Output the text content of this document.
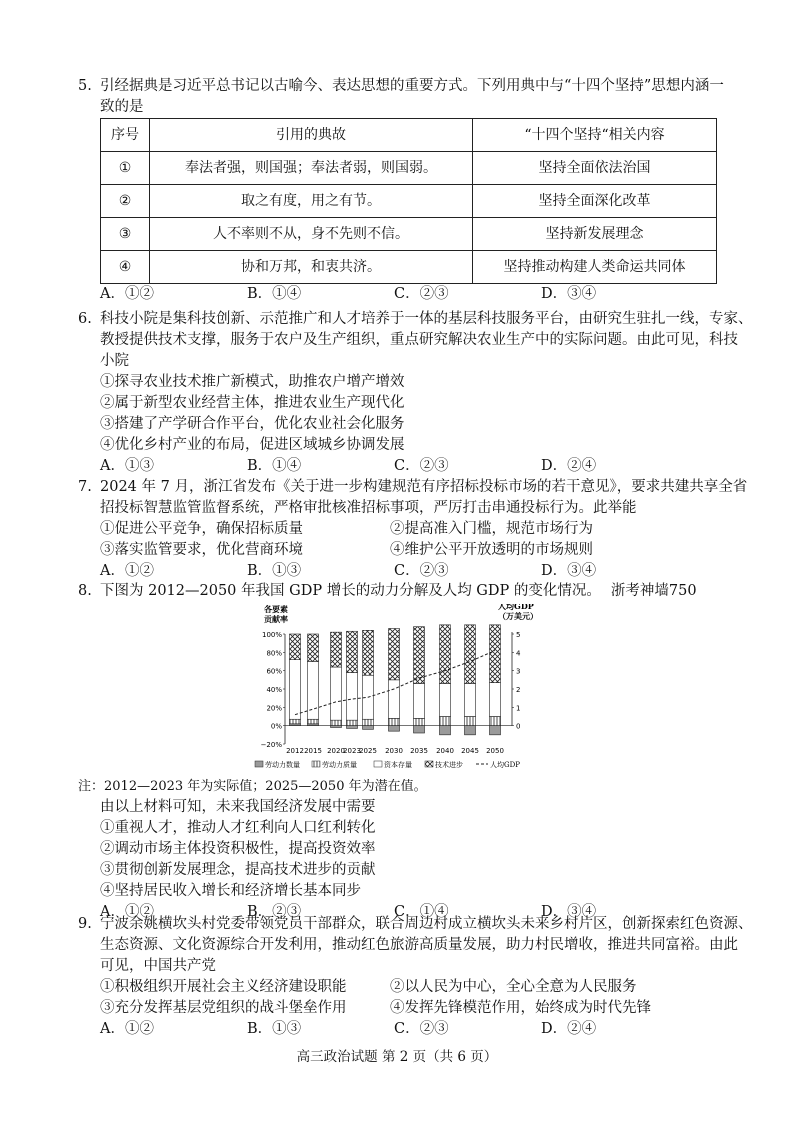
5. 引经据典是习近平总书记以古喻今、表达思想的重要方式。下列用典中与“十四个坚持”思想内涵一
致的是
序号	引用的典故	“十四个坚持“相关内容
①	奉法者强，则国强；奉法者弱，则国弱。	坚持全面依法治国
②	取之有度，用之有节。	坚持全面深化改革
③	人不率则不从，身不先则不信。	坚持新发展理念
④	协和万邦，和衷共济。	坚持推动构建人类命运共同体
A．①②	B．①④	C．②③	D．③④
6. 科技小院是集科技创新、示范推广和人才培养于一体的基层科技服务平台，由研究生驻扎一线，专家、
教授提供技术支撑，服务于农户及生产组织，重点研究解决农业生产中的实际问题。由此可见，科技
小院
①探寻农业技术推广新模式，助推农户增产增效
②属于新型农业经营主体，推进农业生产现代化
③搭建了产学研合作平台，优化农业社会化服务
④优化乡村产业的布局，促进区域城乡协调发展
A．①③	B．①④	C．②③	D．②④
7. 2024 年 7 月，浙江省发布《关于进一步构建规范有序招标投标市场的若干意见》，要求共建共享全省
招投标智慧监管监督系统，严格审批核准招标事项，严厉打击串通投标行为。此举能
①促进公平竞争，确保招标质量	②提高准入门槛，规范市场行为
③落实监管要求，优化营商环境	④维护公平开放透明的市场规则
A．①②	B．①③	C．②③	D．③④
8. 下图为 2012—2050 年我国 GDP 增长的动力分解及人均 GDP 的变化情况。 浙考神墙750
各要素
贡献率
人均GDP
（万美元）
100%
80%
60%
40%
20%
0%
−20%
5
4
3
2
1
0
2012 2015 2020
2023
2025 2030 2035 2040 2045 2050
劳动力数量	劳动力质量	资本存量	技术进步	人均GDP
注：2012—2023 年为实际值；2025—2050 年为潜在值。
由以上材料可知，未来我国经济发展中需要
①重视人才，推动人才红利向人口红利转化
②调动市场主体投资积极性，提高投资效率
③贯彻创新发展理念，提高技术进步的贡献
④坚持居民收入增长和经济增长基本同步
A．①②	B．②③	C．①④	D．③④
9. 宁波余姚横坎头村党委带领党员干部群众，联合周边村成立横坎头未来乡村片区，创新探索红色资源、
生态资源、文化资源综合开发利用，推动红色旅游高质量发展，助力村民增收，推进共同富裕。由此
可见，中国共产党
①积极组织开展社会主义经济建设职能	②以人民为中心，全心全意为人民服务
③充分发挥基层党组织的战斗堡垒作用	④发挥先锋模范作用，始终成为时代先锋
A．①②	B．①③	C．②③	D．②④
高三政治试题 第 2 页（共 6 页）
